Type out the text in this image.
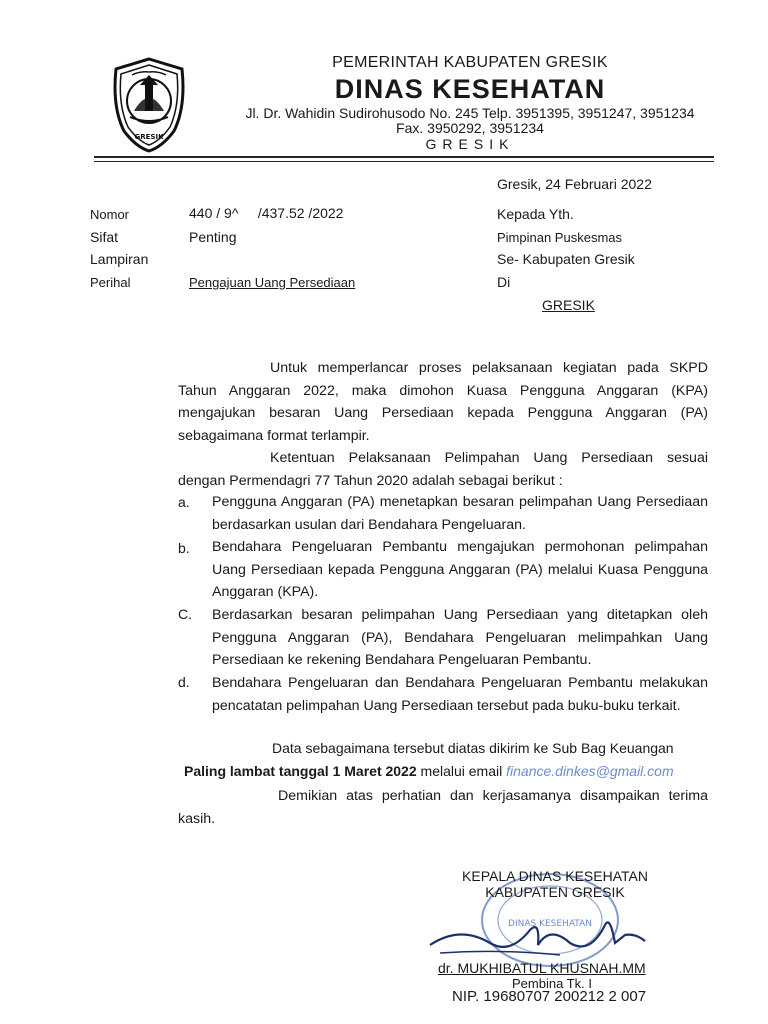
GRESIK
PEMERINTAH KABUPATEN GRESIK
DINAS KESEHATAN
Jl. Dr. Wahidin Sudirohusodo No. 245 Telp. 3951395, 3951247, 3951234
Fax. 3950292, 3951234
GRESIK
Gresik, 24 Februari 2022
Nomor	440 / 9^     /437.52 /2022
Sifat	Penting
Lampiran
Perihal	Pengajuan Uang Persediaan
Kepada Yth.
Pimpinan Puskesmas
Se- Kabupaten Gresik
Di
GRESIK
Untuk memperlancar proses pelaksanaan kegiatan pada SKPD Tahun Anggaran 2022, maka dimohon Kuasa Pengguna Anggaran (KPA) mengajukan besaran Uang Persediaan kepada Pengguna Anggaran (PA) sebagaimana format terlampir.
Ketentuan Pelaksanaan Pelimpahan Uang Persediaan sesuai dengan Permendagri 77 Tahun 2020 adalah sebagai berikut :
a. Pengguna Anggaran (PA) menetapkan besaran pelimpahan Uang Persediaan berdasarkan usulan dari Bendahara Pengeluaran.
b. Bendahara Pengeluaran Pembantu mengajukan permohonan pelimpahan Uang Persediaan kepada Pengguna Anggaran (PA) melalui Kuasa Pengguna Anggaran (KPA).
C. Berdasarkan besaran pelimpahan Uang Persediaan yang ditetapkan oleh Pengguna Anggaran (PA), Bendahara Pengeluaran melimpahkan Uang Persediaan ke rekening Bendahara Pengeluaran Pembantu.
d. Bendahara Pengeluaran dan Bendahara Pengeluaran Pembantu melakukan pencatatan pelimpahan Uang Persediaan tersebut pada buku-buku terkait.
Data sebagaimana tersebut diatas dikirim ke Sub Bag Keuangan
Paling lambat tanggal 1 Maret 2022 melalui email finance.dinkes@gmail.com
Demikian atas perhatian dan kerjasamanya disampaikan terima kasih.
DINAS KESEHATAN
KEPALA DINAS KESEHATAN
KABUPATEN GRESIK
dr. MUKHIBATUL KHUSNAH.MM
Pembina Tk. I
NIP. 19680707 200212 2 007
